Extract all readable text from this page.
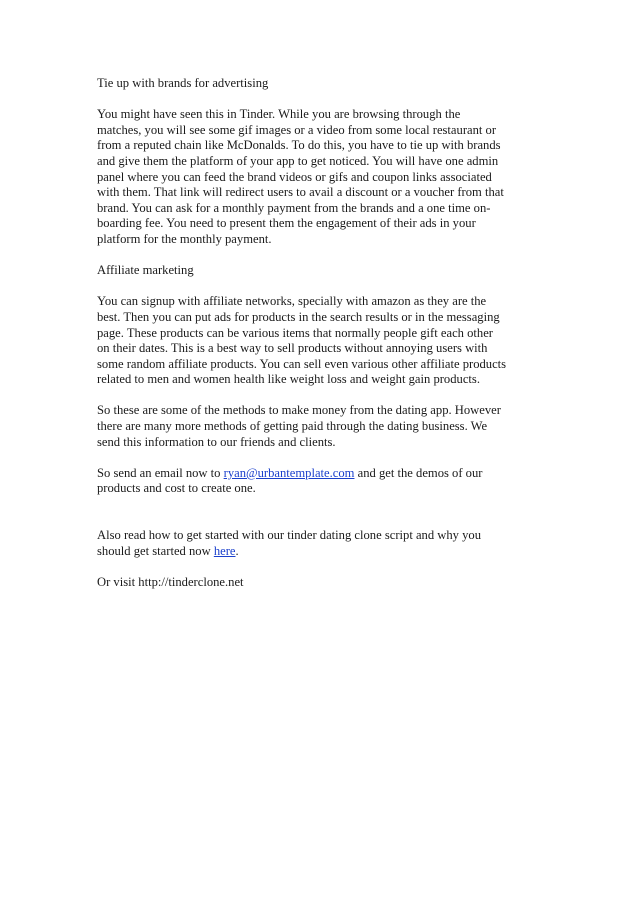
Tie up with brands for advertising

You might have seen this in Tinder. While you are browsing through the
matches, you will see some gif images or a video from some local restaurant or
from a reputed chain like McDonalds. To do this, you have to tie up with brands
and give them the platform of your app to get noticed. You will have one admin
panel where you can feed the brand videos or gifs and coupon links associated
with them. That link will redirect users to avail a discount or a voucher from that
brand. You can ask for a monthly payment from the brands and a one time on-
boarding fee. You need to present them the engagement of their ads in your
platform for the monthly payment.

Affiliate marketing

You can signup with affiliate networks, specially with amazon as they are the
best. Then you can put ads for products in the search results or in the messaging
page. These products can be various items that normally people gift each other
on their dates. This is a best way to sell products without annoying users with
some random affiliate products. You can sell even various other affiliate products
related to men and women health like weight loss and weight gain products.

So these are some of the methods to make money from the dating app. However
there are many more methods of getting paid through the dating business. We
send this information to our friends and clients.

So send an email now to ryan@urbantemplate.com and get the demos of our
products and cost to create one.

Also read how to get started with our tinder dating clone script and why you
should get started now here.

Or visit http://tinderclone.net
